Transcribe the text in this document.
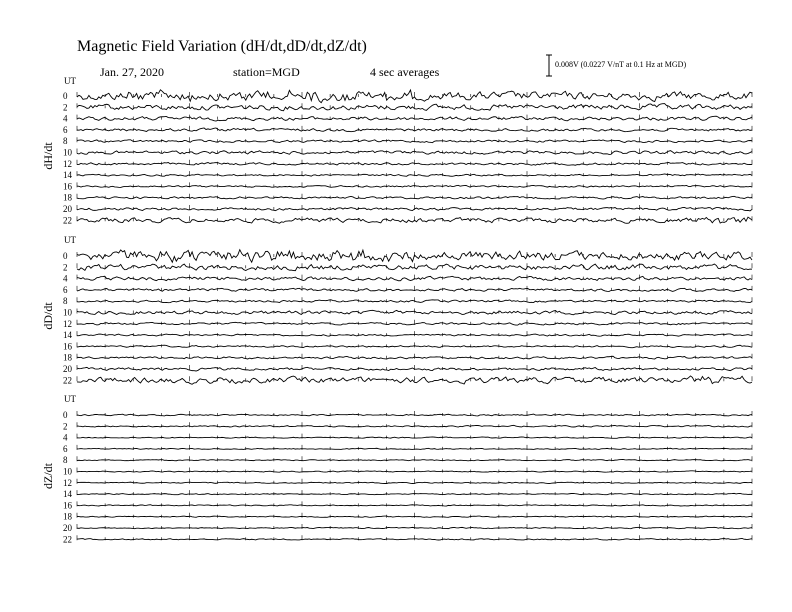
Magnetic Field Variation (dH/dt,dD/dt,dZ/dt)
Jan. 27, 2020	station=MGD	4 sec averages
0.008V (0.0227 V/nT at 0.1 Hz at MGD)
UT
UT
UT
dH/dt
dD/dt
dZ/dt
0
2
4
6
8
10
12
14
16
18
20
22
0
2
4
6
8
10
12
14
16
18
20
22
0
2
4
6
8
10
12
14
16
18
20
22
